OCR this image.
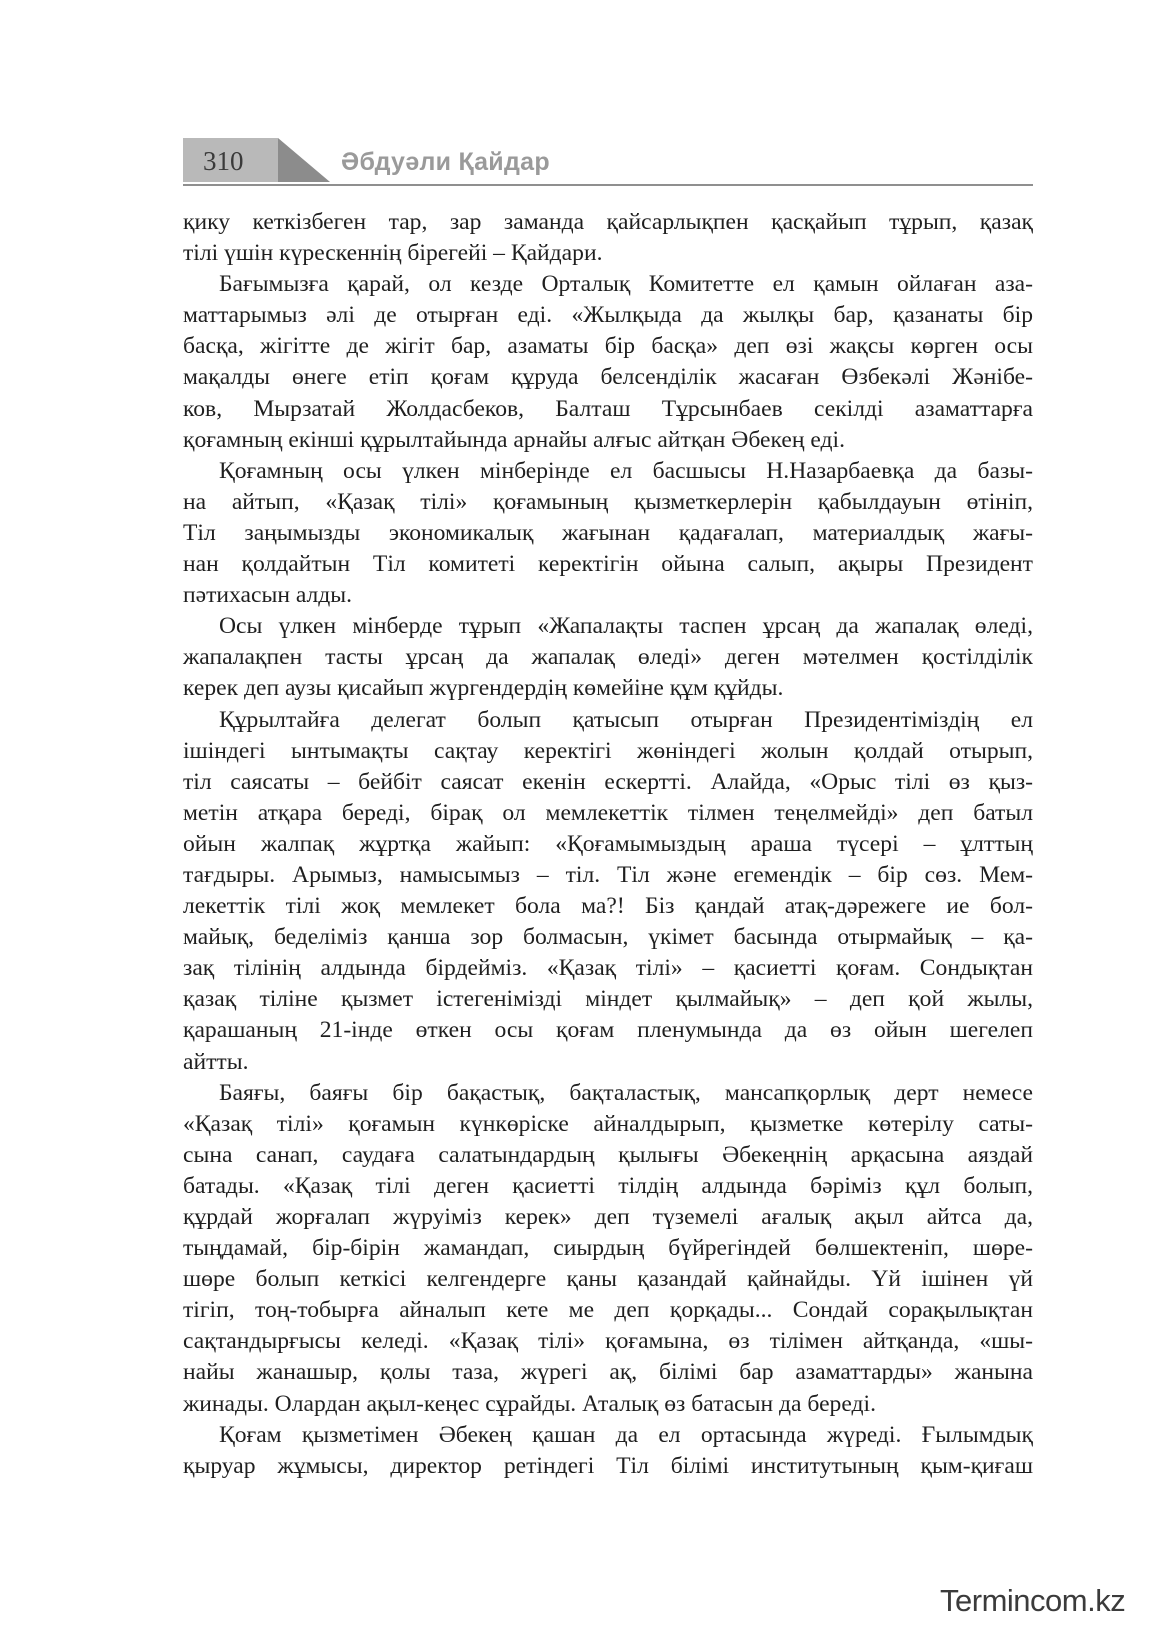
310	Әбдуәли Қайдар
қику кеткізбеген тар, зар заманда қайсарлықпен қасқайып тұрып, қазақ
тілі үшін күрескеннің бірегейі – Қайдари.
Бағымызға қарай, ол кезде Орталық Комитетте ел қамын ойлаған аза-
маттарымыз әлі де отырған еді. «Жылқыда да жылқы бар, қазанаты бір
басқа, жігітте де жігіт бар, азаматы бір басқа» деп өзі жақсы көрген осы
мақалды өнеге етіп қоғам құруда белсенділік жасаған Өзбекәлі Жәнібе-
ков, Мырзатай Жолдасбеков, Балташ Тұрсынбаев секілді азаматтарға
қоғамның екінші құрылтайында арнайы алғыс айтқан Әбекең еді.
Қоғамның осы үлкен мінберінде ел басшысы Н.Назарбаевқа да базы-
на айтып, «Қазақ тілі» қоғамының қызметкерлерін қабылдауын өтініп,
Тіл заңымызды экономикалық жағынан қадағалап, материалдық жағы-
нан қолдайтын Тіл комитеті керектігін ойына салып, ақыры Президент
пәтихасын алды.
Осы үлкен мінберде тұрып «Жапалақты таспен ұрсаң да жапалақ өледі,
жапалақпен тасты ұрсаң да жапалақ өледі» деген мәтелмен қостілділік
керек деп аузы қисайып жүргендердің көмейіне құм құйды.
Құрылтайға делегат болып қатысып отырған Президентіміздің ел
ішіндегі ынтымақты сақтау керектігі жөніндегі жолын қолдай отырып,
тіл саясаты – бейбіт саясат екенін ескертті. Алайда, «Орыс тілі өз қыз-
метін атқара береді, бірақ ол мемлекеттік тілмен теңелмейді» деп батыл
ойын жалпақ жұртқа жайып: «Қоғамымыздың араша түсері – ұлттың
тағдыры. Арымыз, намысымыз – тіл. Тіл және егемендік – бір сөз. Мем-
лекеттік тілі жоқ мемлекет бола ма?! Біз қандай атақ-дәрежеге ие бол-
майық, беделіміз қанша зор болмасын, үкімет басында отырмайық – қа-
зақ тілінің алдында бірдейміз. «Қазақ тілі» – қасиетті қоғам. Сондықтан
қазақ тіліне қызмет істегенімізді міндет қылмайық» – деп қой жылы,
қарашаның 21-інде өткен осы қоғам пленумында да өз ойын шегелеп
айтты.
Баяғы, баяғы бір бақастық, бақталастық, мансапқорлық дерт немесе
«Қазақ тілі» қоғамын күнкөріске айналдырып, қызметке көтерілу саты-
сына санап, саудаға салатындардың қылығы Әбекеңнің арқасына аяздай
батады. «Қазақ тілі деген қасиетті тілдің алдында бәріміз құл болып,
құрдай жорғалап жүруіміз керек» деп түземелі ағалық ақыл айтса да,
тыңдамай, бір-бірін жамандап, сиырдың бүйрегіндей бөлшектеніп, шөре-
шөре болып кеткісі келгендерге қаны қазандай қайнайды. Үй ішінен үй
тігіп, тоң-тобырға айналып кете ме деп қорқады... Сондай сорақылықтан
сақтандырғысы келеді. «Қазақ тілі» қоғамына, өз тілімен айтқанда, «шы-
найы жанашыр, қолы таза, жүрегі ақ, білімі бар азаматтарды» жанына
жинады. Олардан ақыл-кеңес сұрайды. Аталық өз батасын да береді.
Қоғам қызметімен Әбекең қашан да ел ортасында жүреді. Ғылымдық
қыруар жұмысы, директор ретіндегі Тіл білімі институтының қым-қиғаш
Termincom.kz
